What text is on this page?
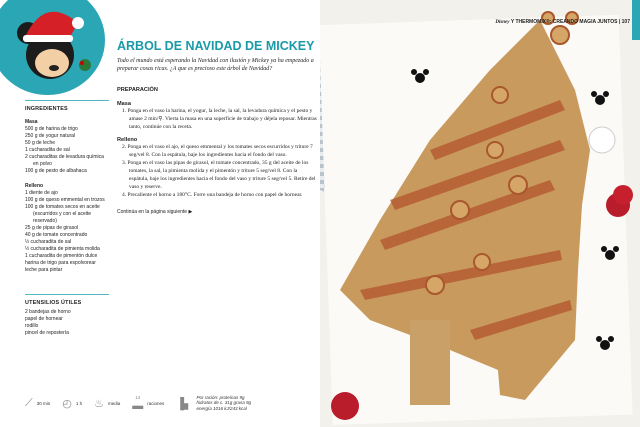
INGREDIENTES
Masa
500 g de harina de trigo
250 g de yogur natural
50 g de leche
1 cucharadita de sal
2 cucharaditas de levadura química
en polvo
100 g de pesto de albahaca
Relleno
1 diente de ajo
100 g de queso emmental en trozos
100 g de tomates secos en aceite
(escurridos y con el aceite
reservado)
25 g de pipas de girasol
40 g de tomate concentrado
½ cucharadita de sal
½ cucharadita de pimienta molida
1 cucharadita de pimentón dulce
harina de trigo para espolvorear
leche para pintar
UTENSILIOS ÚTILES
2 bandejas de horno
papel de hornear
rodillo
pincel de repostería
ÁRBOL DE NAVIDAD DE MICKEY
Todo el mundo está esperando la Navidad con ilusión y Mickey ya ha empezado a preparar cosas ricas. ¿A que es precioso este árbol de Navidad?
PREPARACIÓN
Masa
1. Ponga en el vaso la harina, el yogur, la leche, la sal, la levadura química y el pesto y amase 2 min/⚲. Vierta la masa en una superficie de trabajo y déjela reposar. Mientras tanto, continúe con la receta.
Relleno
2. Ponga en el vaso el ajo, el queso emmental y los tomates secos escurridos y triture 7 seg/vel 8. Con la espátula, baje los ingredientes hacia el fondo del vaso.
3. Ponga en el vaso las pipas de girasol, el tomate concentrado, 35 g del aceite de los tomates, la sal, la pimienta molida y el pimentón y triture 5 seg/vel 8. Con la espátula, baje los ingredientes hacia el fondo del vaso y triture 5 seg/vel 5. Retire del vaso y reserve.
4. Precaliente el horno a 180°C. Forre una bandeja de horno con papel de hornear.
Continúa en la página siguiente ▶
⟋ 30 min ◴ 1 h ♨ media
14
▬ raciones ▐▖
Por ración: proteínas 9g
hidratos de c. 31g grasa 9g
energía 1016 kJ/243 kcal
Disney Y THERMOMIX®: CREANDO MAGIA JUNTOS | 107
